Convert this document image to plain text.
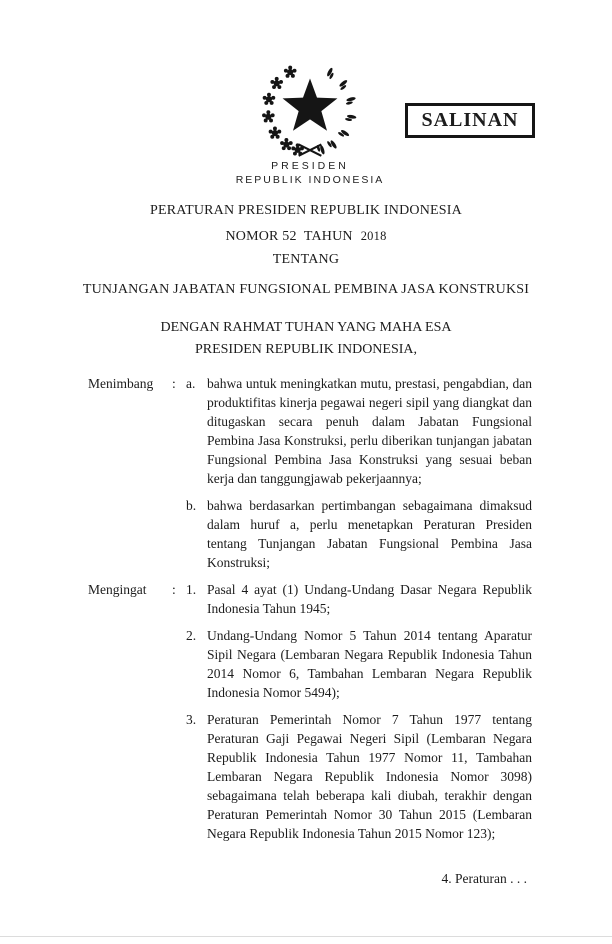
SALINAN
PRESIDEN
REPUBLIK INDONESIA
PERATURAN PRESIDEN REPUBLIK INDONESIA
NOMOR 52  TAHUN 2018
TENTANG
TUNJANGAN JABATAN FUNGSIONAL PEMBINA JASA KONSTRUKSI
DENGAN RAHMAT TUHAN YANG MAHA ESA
PRESIDEN REPUBLIK INDONESIA,
Menimbang	: a. bahwa untuk meningkatkan mutu, prestasi, pengabdian, dan produktifitas kinerja pegawai negeri sipil yang diangkat dan ditugaskan secara penuh dalam Jabatan Fungsional Pembina Jasa Konstruksi, perlu diberikan tunjangan jabatan Fungsional Pembina Jasa Konstruksi yang sesuai beban kerja dan tanggungjawab pekerjaannya;
b. bahwa berdasarkan pertimbangan sebagaimana dimaksud dalam huruf a, perlu menetapkan Peraturan Presiden tentang Tunjangan Jabatan Fungsional Pembina Jasa Konstruksi;
Mengingat	: 1. Pasal 4 ayat (1) Undang-Undang Dasar Negara Republik Indonesia Tahun 1945;
2. Undang-Undang Nomor 5 Tahun 2014 tentang Aparatur Sipil Negara (Lembaran Negara Republik Indonesia Tahun 2014 Nomor 6, Tambahan Lembaran Negara Republik Indonesia Nomor 5494);
3. Peraturan Pemerintah Nomor 7 Tahun 1977 tentang Peraturan Gaji Pegawai Negeri Sipil (Lembaran Negara Republik Indonesia Tahun 1977 Nomor 11, Tambahan Lembaran Negara Republik Indonesia Nomor 3098) sebagaimana telah beberapa kali diubah, terakhir dengan Peraturan Pemerintah Nomor 30 Tahun 2015 (Lembaran Negara Republik Indonesia Tahun 2015 Nomor 123);
4. Peraturan . . .
